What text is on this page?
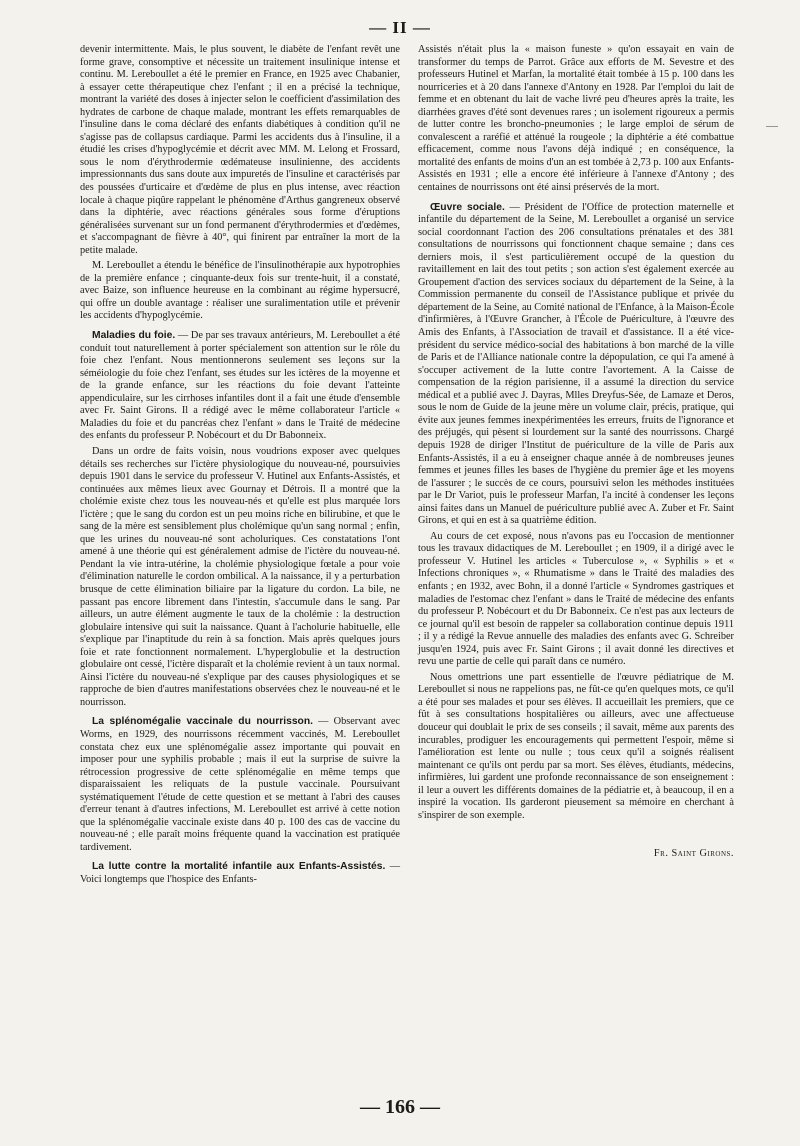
— II —
—

devenir intermittente. Mais, le plus souvent, le diabète de l'enfant revêt une forme grave, consomptive et nécessite un traitement insulinique intense et continu. M. Lereboullet a été le premier en France, en 1925 avec Chabanier, à essayer cette thérapeutique chez l'enfant ; il en a précisé la technique, montrant la variété des doses à injecter selon le coefficient d'assimilation des hydrates de carbone de chaque malade, montrant les effets remarquables de l'insuline dans le coma déclaré des enfants diabétiques à condition qu'il ne s'agisse pas de collapsus cardiaque. Parmi les accidents dus à l'insuline, il a étudié les crises d'hypoglycémie et décrit avec MM. M. Lelong et Frossard, sous le nom d'érythrodermie œdémateuse insulinienne, des accidents impressionnants dus sans doute aux impuretés de l'insuline et caractérisés par des poussées d'urticaire et d'œdème de plus en plus intense, avec réaction locale à chaque piqûre rappelant le phénomène d'Arthus gangreneux observé dans la diphtérie, avec réactions générales sous forme d'éruptions généralisées survenant sur un fond permanent d'érythrodermies et d'œdèmes, et s'accompagnant de fièvre à 40°, qui finirent par entraîner la mort de la petite malade.

M. Lereboullet a étendu le bénéfice de l'insulinothérapie aux hypotrophies de la première enfance ; cinquante-deux fois sur trente-huit, il a constaté, avec Baize, son influence heureuse en la combinant au régime hypersucré, qui offre un double avantage : réaliser une suralimentation utile et prévenir les accidents d'hypoglycémie.

Maladies du foie. — De par ses travaux antérieurs, M. Lereboullet a été conduit tout naturellement à porter spécialement son attention sur le rôle du foie chez l'enfant. Nous mentionnerons seulement ses leçons sur la séméiologie du foie chez l'enfant, ses études sur les ictères de la moyenne et de la grande enfance, sur les réactions du foie devant l'atteinte appendiculaire, sur les cirrhoses infantiles dont il a fait une étude d'ensemble avec Fr. Saint Girons. Il a rédigé avec le même collaborateur l'article « Maladies du foie et du pancréas chez l'enfant » dans le Traité de médecine des enfants du professeur P. Nobécourt et du Dr Babonneix.

Dans un ordre de faits voisin, nous voudrions exposer avec quelques détails ses recherches sur l'ictère physiologique du nouveau-né, poursuivies depuis 1901 dans le service du professeur V. Hutinel aux Enfants-Assistés, et continuées aux mêmes lieux avec Gournay et Détrois. Il a montré que la cholémie existe chez tous les nouveau-nés et qu'elle est plus marquée lors l'ictère ; que le sang du cordon est un peu moins riche en bilirubine, et que le sang de la mère est sensiblement plus cholémique qu'un sang normal ; enfin, que les urines du nouveau-né sont acholuriques. Ces constatations l'ont amené à une théorie qui est généralement admise de l'ictère du nouveau-né. Pendant la vie intra-utérine, la cholémie physiologique fœtale a pour voie d'élimination naturelle le cordon ombilical. A la naissance, il y a perturbation brusque de cette élimination biliaire par la ligature du cordon. La bile, ne passant pas encore librement dans l'intestin, s'accumule dans le sang. Par ailleurs, un autre élément augmente le taux de la cholémie : la destruction globulaire intensive qui suit la naissance. Quant à l'acholurie habituelle, elle s'explique par l'inaptitude du rein à sa fonction. Mais après quelques jours foie et rate fonctionnent normalement. L'hyperglobulie et la destruction globulaire ont cessé, l'ictère disparaît et la cholémie revient à un taux normal. Ainsi l'ictère du nouveau-né s'explique par des causes physiologiques et se rapproche de bien d'autres manifestations observées chez le nouveau-né et le nourrisson.

La splénomégalie vaccinale du nourrisson. — Observant avec Worms, en 1929, des nourrissons récemment vaccinés, M. Lereboullet constata chez eux une splénomégalie assez importante qui pouvait en imposer pour une syphilis probable ; mais il eut la surprise de suivre la rétrocession progressive de cette splénomégalie en même temps que disparaissaient les reliquats de la pustule vaccinale. Poursuivant systématiquement l'étude de cette question et se mettant à l'abri des causes d'erreur tenant à d'autres infections, M. Lereboullet est arrivé à cette notion que la splénomégalie vaccinale existe dans 40 p. 100 des cas de vaccine du nouveau-né ; elle paraît moins fréquente quand la vaccination est pratiquée tardivement.

La lutte contre la mortalité infantile aux Enfants-Assistés. — Voici longtemps que l'hospice des Enfants-

Assistés n'était plus la « maison funeste » qu'on essayait en vain de transformer du temps de Parrot. Grâce aux efforts de M. Sevestre et des professeurs Hutinel et Marfan, la mortalité était tombée à 15 p. 100 dans les nourriceries et à 20 dans l'annexe d'Antony en 1928. Par l'emploi du lait de femme et en obtenant du lait de vache livré peu d'heures après la traite, les diarrhées graves d'été sont devenues rares ; un isolement rigoureux a permis de lutter contre les broncho-pneumonies ; le large emploi de sérum de convalescent a raréfié et atténué la rougeole ; la diphtérie a été combattue efficacement, comme nous l'avons déjà indiqué ; en conséquence, la mortalité des enfants de moins d'un an est tombée à 2,73 p. 100 aux Enfants-Assistés en 1931 ; elle a encore été inférieure à l'annexe d'Antony ; des centaines de nourrissons ont été ainsi préservés de la mort.

Œuvre sociale. — Président de l'Office de protection maternelle et infantile du département de la Seine, M. Lereboullet a organisé un service social coordonnant l'action des 206 consultations prénatales et des 381 consultations de nourrissons qui fonctionnent chaque semaine ; dans ces derniers mois, il s'est particulièrement occupé de la question du ravitaillement en lait des tout petits ; son action s'est également exercée au Groupement d'action des services sociaux du département de la Seine, à la Commission permanente du conseil de l'Assistance publique et privée du département de la Seine, au Comité national de l'Enfance, à la Maison-École d'infirmières, à l'Œuvre Grancher, à l'École de Puériculture, à l'œuvre des Amis des Enfants, à l'Association de travail et d'assistance. Il a été vice-président du service médico-social des habitations à bon marché de la ville de Paris et de l'Alliance nationale contre la dépopulation, ce qui l'a amené à s'occuper activement de la lutte contre l'avortement. A la Caisse de compensation de la région parisienne, il a assumé la direction du service médical et a publié avec J. Dayras, Mlles Dreyfus-Sée, de Lamaze et Deros, sous le nom de Guide de la jeune mère un volume clair, précis, pratique, qui évite aux jeunes femmes inexpérimentées les erreurs, fruits de l'ignorance et des préjugés, qui pèsent si lourdement sur la santé des nourrissons. Chargé depuis 1928 de diriger l'Institut de puériculture de la ville de Paris aux Enfants-Assistés, il a eu à enseigner chaque année à de nombreuses jeunes femmes et jeunes filles les bases de l'hygiène du premier âge et les moyens de l'assurer ; le succès de ce cours, poursuivi selon les méthodes instituées par le Dr Variot, puis le professeur Marfan, l'a incité à condenser les leçons ainsi faites dans un Manuel de puériculture publié avec A. Zuber et Fr. Saint Girons, et qui en est à sa quatrième édition.

Au cours de cet exposé, nous n'avons pas eu l'occasion de mentionner tous les travaux didactiques de M. Lereboullet ; en 1909, il a dirigé avec le professeur V. Hutinel les articles « Tuberculose », « Syphilis » et « Infections chroniques », « Rhumatisme » dans le Traité des maladies des enfants ; en 1932, avec Bohn, il a donné l'article « Syndromes gastriques et maladies de l'estomac chez l'enfant » dans le Traité de médecine des enfants du professeur P. Nobécourt et du Dr Babonneix. Ce n'est pas aux lecteurs de ce journal qu'il est besoin de rappeler sa collaboration continue depuis 1911 ; il y a rédigé la Revue annuelle des maladies des enfants avec G. Schreiber jusqu'en 1924, puis avec Fr. Saint Girons ; il avait donné les directives et revu une partie de celle qui paraît dans ce numéro.

Nous omettrions une part essentielle de l'œuvre pédiatrique de M. Lereboullet si nous ne rappelions pas, ne fût-ce qu'en quelques mots, ce qu'il a été pour ses malades et pour ses élèves. Il accueillait les premiers, que ce fût à ses consultations hospitalières ou ailleurs, avec une affectueuse douceur qui doublait le prix de ses conseils ; il savait, même aux parents des incurables, prodiguer les encouragements qui permettent l'espoir, même si l'amélioration est lente ou nulle ; tous ceux qu'il a soignés réalisent maintenant ce qu'ils ont perdu par sa mort. Ses élèves, étudiants, médecins, infirmières, lui gardent une profonde reconnaissance de son enseignement : il leur a ouvert les différents domaines de la pédiatrie et, à beaucoup, il en a inspiré la vocation. Ils garderont pieusement sa mémoire en cherchant à s'inspirer de son exemple.

Fr. Saint Girons.
— 166 —
